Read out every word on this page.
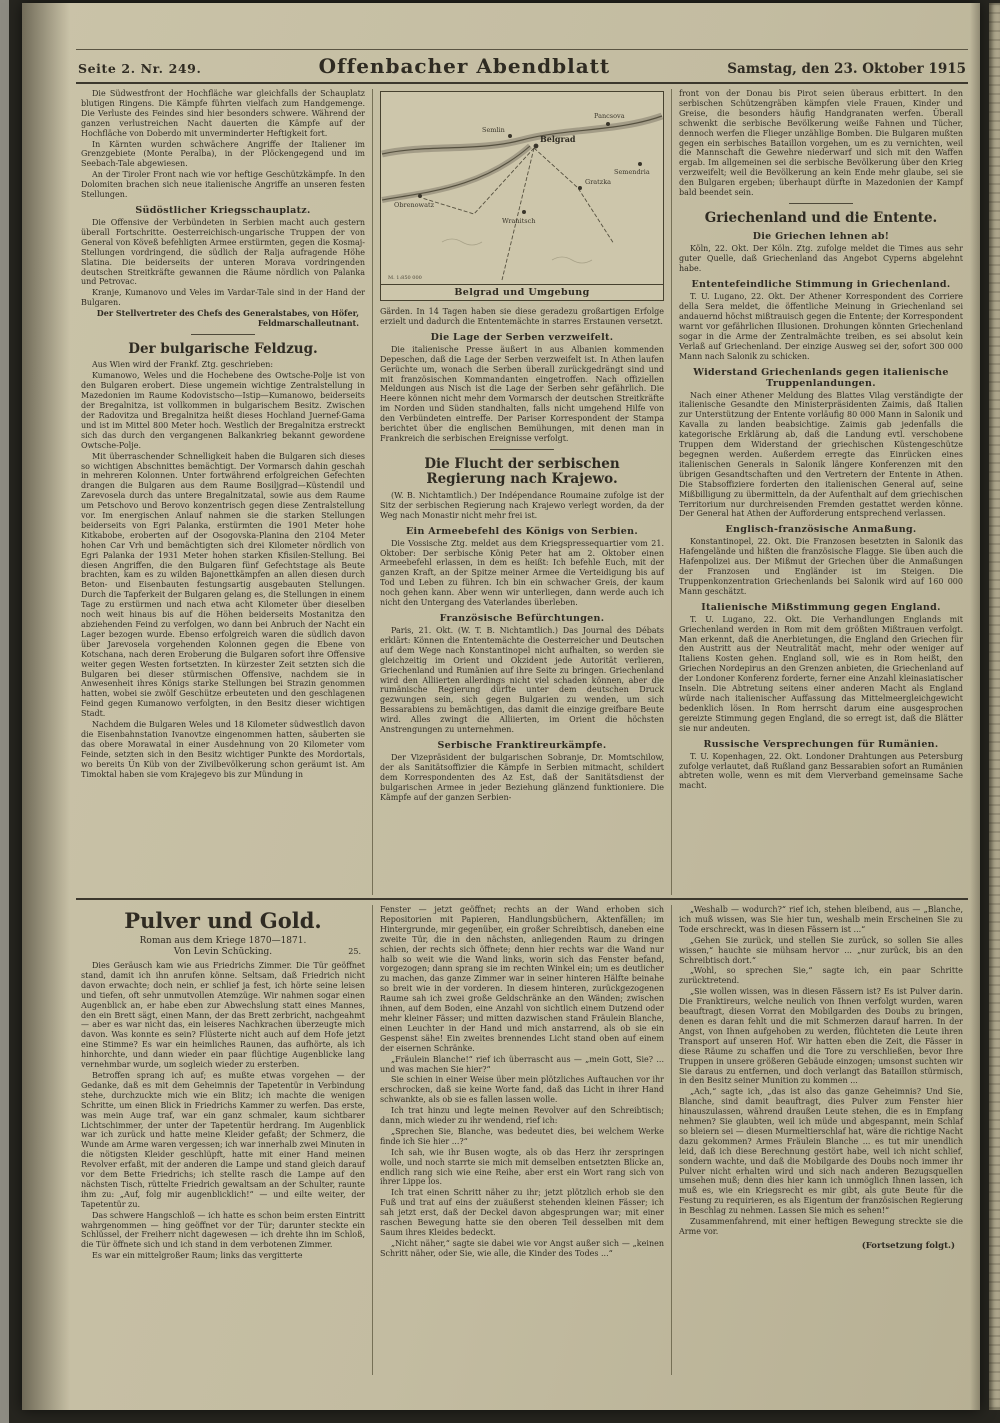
Seite 2. Nr. 249.	Offenbacher Abendblatt	Samstag, den 23. Oktober 1915

Die Südwestfront der Hochfläche war gleichfalls der Schauplatz blutigen Ringens. Die Kämpfe führten vielfach zum Handgemenge. Die Verluste des Feindes sind hier besonders schwere. Während der ganzen verlustreichen Nacht dauerten die Kämpfe auf der Hochfläche von Doberdo mit unverminderter Heftigkeit fort.

In Kärnten wurden schwächere Angriffe der Italiener im Grenzgebiete (Monte Peralba), in der Plöckengegend und im Seebach-Tale abgewiesen.

An der Tiroler Front nach wie vor heftige Geschützkämpfe. In den Dolomiten brachen sich neue italienische Angriffe an unseren festen Stellungen.

Südöstlicher Kriegsschauplatz.

Die Offensive der Verbündeten in Serbien macht auch gestern überall Fortschritte. Oesterreichisch-ungarische Truppen der von General von Köveß befehligten Armee erstürmten, gegen die Kosmaj-Stellungen vordringend, die südlich der Ralja aufragende Höhe Slatina. Die beiderseits der unteren Morava vordringenden deutschen Streitkräfte gewannen die Räume nördlich von Palanka und Petrovac.

Kranje, Kumanovo und Veles im Vardar-Tale sind in der Hand der Bulgaren.

Der Stellvertreter des Chefs des Generalstabes, von Höfer, Feldmarschalleutnant.

Der bulgarische Feldzug.

Aus Wien wird der Frankf. Ztg. geschrieben:

Kumanowo, Weles und die Hochebene des Owtsche-Polje ist von den Bulgaren erobert. Diese ungemein wichtige Zentralstellung in Mazedonien im Raume Kodovistscho—Istip—Kumanowo, beiderseits der Bregalnitza, ist vollkommen in bulgarischem Besitz. Zwischen der Radovitza und Bregalnitza heißt dieses Hochland Juernef-Gama und ist im Mittel 800 Meter hoch. Westlich der Bregalnitza erstreckt sich das durch den vergangenen Balkankrieg bekannt gewordene Owtsche-Polje.

Mit überraschender Schnelligkeit haben die Bulgaren sich dieses so wichtigen Abschnittes bemächtigt. Der Vormarsch dahin geschah in mehreren Kolonnen. Unter fortwährend erfolgreichen Gefechten drangen die Bulgaren aus dem Raume Bosiljgrad—Küstendil und Zarevosela durch das untere Bregalnitzatal, sowie aus dem Raume um Petschovo und Berovo konzentrisch gegen diese Zentralstellung vor. Im energischen Anlauf nahmen sie die starken Stellungen beiderseits von Egri Palanka, erstürmten die 1901 Meter hohe Kitkabobe, eroberten auf der Osogovska-Planina den 2104 Meter hohen Car Vrh und bemächtigten sich drei Kilometer nördlich von Egri Palanka der 1931 Meter hohen starken Kfisilen-Stellung. Bei diesen Angriffen, die den Bulgaren fünf Gefechtstage als Beute brachten, kam es zu wilden Bajonettkämpfen an allen diesen durch Beton- und Eisenbauten festungsartig ausgebauten Stellungen. Durch die Tapferkeit der Bulgaren gelang es, die Stellungen in einem Tage zu erstürmen und nach etwa acht Kilometer über dieselben noch weit hinaus bis auf die Höhen beiderseits Mostanitza den abziehenden Feind zu verfolgen, wo dann bei Anbruch der Nacht ein Lager bezogen wurde. Ebenso erfolgreich waren die südlich davon über Jarevosela vorgehenden Kolonnen gegen die Ebene von Kotschana, nach deren Eroberung die Bulgaren sofort ihre Offensive weiter gegen Westen fortsetzten. In kürzester Zeit setzten sich die Bulgaren bei dieser stürmischen Offensive, nachdem sie in Anwesenheit ihres Königs starke Stellungen bei Strazin genommen hatten, wobei sie zwölf Geschütze erbeuteten und den geschlagenen Feind gegen Kumanowo verfolgten, in den Besitz dieser wichtigen Stadt.

Nachdem die Bulgaren Weles und 18 Kilometer südwestlich davon die Eisenbahnstation Ivanovtze eingenommen hatten, säuberten sie das obere Morawatal in einer Ausdehnung von 20 Kilometer vom Feinde, setzten sich in den Besitz wichtiger Punkte des Mordortals, wo bereits Ün Küb von der Zivilbevölkerung schon geräumt ist. Am Timoktal haben sie vom Krajegevo bis zur Mündung in

Semlin
Belgrad
Pancsova
Obrenowatz
Wranitsch
Gratzka
Semendria
M. 1:850 000
Belgrad und Umgebung

Gärden. In 14 Tagen haben sie diese geradezu großartigen Erfolge erzielt und dadurch die Ententemächte in starres Erstaunen versetzt.

Die Lage der Serben verzweifelt.

Die italienische Presse äußert in aus Albanien kommenden Depeschen, daß die Lage der Serben verzweifelt ist. In Athen laufen Gerüchte um, wonach die Serben überall zurückgedrängt sind und mit französischen Kommandanten eingetroffen. Nach offiziellen Meldungen aus Nisch ist die Lage der Serben sehr gefährlich. Die Heere können nicht mehr dem Vormarsch der deutschen Streitkräfte im Norden und Süden standhalten, falls nicht umgehend Hilfe von den Verbündeten eintreffe. Der Pariser Korrespondent der Stampa berichtet über die englischen Bemühungen, mit denen man in Frankreich die serbischen Ereignisse verfolgt.

Die Flucht der serbischen Regierung nach Krajewo.

(W. B. Nichtamtlich.) Der Indépendance Roumaine zufolge ist der Sitz der serbischen Regierung nach Krajewo verlegt worden, da der Weg nach Monastir nicht mehr frei ist.

Ein Armeebefehl des Königs von Serbien.

Die Vossische Ztg. meldet aus dem Kriegspressequartier vom 21. Oktober: Der serbische König Peter hat am 2. Oktober einen Armeebefehl erlassen, in dem es heißt: Ich befehle Euch, mit der ganzen Kraft, an der Spitze meiner Armee die Verteidigung bis auf Tod und Leben zu führen. Ich bin ein schwacher Greis, der kaum noch gehen kann. Aber wenn wir unterliegen, dann werde auch ich nicht den Untergang des Vaterlandes überleben.

Französische Befürchtungen.

Paris, 21. Okt. (W. T. B. Nichtamtlich.) Das Journal des Débats erklärt: Können die Ententemächte die Oesterreicher und Deutschen auf dem Wege nach Konstantinopel nicht aufhalten, so werden sie gleichzeitig im Orient und Okzident jede Autorität verlieren, Griechenland und Rumänien auf ihre Seite zu bringen. Griechenland wird den Alliierten allerdings nicht viel schaden können, aber die rumänische Regierung dürfte unter dem deutschen Druck gezwungen sein, sich gegen Bulgarien zu wenden, um sich Bessarabiens zu bemächtigen, das damit die einzige greifbare Beute wird. Alles zwingt die Alliierten, im Orient die höchsten Anstrengungen zu unternehmen.

Serbische Franktireurkämpfe.

Der Vizepräsident der bulgarischen Sobranje, Dr. Momtschilow, der als Sanitätsoffizier die Kämpfe in Serbien mitmacht, schildert dem Korrespondenten des Az Est, daß der Sanitätsdienst der bulgarischen Armee in jeder Beziehung glänzend funktioniere. Die Kämpfe auf der ganzen Serbien-

front von der Donau bis Pirot seien überaus erbittert. In den serbischen Schützengräben kämpfen viele Frauen, Kinder und Greise, die besonders häufig Handgranaten werfen. Überall schwenkt die serbische Bevölkerung weiße Fahnen und Tücher, dennoch werfen die Flieger unzählige Bomben. Die Bulgaren mußten gegen ein serbisches Bataillon vorgehen, um es zu vernichten, weil die Mannschaft die Gewehre niederwarf und sich mit den Waffen ergab. Im allgemeinen sei die serbische Bevölkerung über den Krieg verzweifelt; weil die Bevölkerung an kein Ende mehr glaube, sei sie den Bulgaren ergeben; überhaupt dürfte in Mazedonien der Kampf bald beendet sein.

Griechenland und die Entente.
Die Griechen lehnen ab!

Köln, 22. Okt. Der Köln. Ztg. zufolge meldet die Times aus sehr guter Quelle, daß Griechenland das Angebot Cyperns abgelehnt habe.

Ententefeindliche Stimmung in Griechenland.

T. U. Lugano, 22. Okt. Der Athener Korrespondent des Corriere della Sera meldet, die öffentliche Meinung in Griechenland sei andauernd höchst mißtrauisch gegen die Entente; der Korrespondent warnt vor gefährlichen Illusionen. Drohungen könnten Griechenland sogar in die Arme der Zentralmächte treiben, es sei absolut kein Verlaß auf Griechenland. Der einzige Ausweg sei der, sofort 300 000 Mann nach Salonik zu schicken.

Widerstand Griechenlands gegen italienische Truppenlandungen.

Nach einer Athener Meldung des Blattes Vilag verständigte der italienische Gesandte den Ministerpräsidenten Zaimis, daß Italien zur Unterstützung der Entente vorläufig 80 000 Mann in Salonik und Kavalla zu landen beabsichtige. Zaimis gab jedenfalls die kategorische Erklärung ab, daß die Landung evtl. verschobene Truppen dem Widerstand der griechischen Küstengeschütze begegnen werden. Außerdem erregte das Einrücken eines italienischen Generals in Salonik längere Konferenzen mit den übrigen Gesandtschaften und den Vertretern der Entente in Athen. Die Stabsoffiziere forderten den italienischen General auf, seine Mißbilligung zu übermitteln, da der Aufenthalt auf dem griechischen Territorium nur durchreisenden Fremden gestattet werden könne. Der General hat Athen der Aufforderung entsprechend verlassen.

Englisch-französische Anmaßung.

Konstantinopel, 22. Okt. Die Franzosen besetzten in Salonik das Hafengelände und hißten die französische Flagge. Sie üben auch die Hafenpolizei aus. Der Mißmut der Griechen über die Anmaßungen der Franzosen und Engländer ist im Steigen. Die Truppenkonzentration Griechenlands bei Salonik wird auf 160 000 Mann geschätzt.

Italienische Mißstimmung gegen England.

T. U. Lugano, 22. Okt. Die Verhandlungen Englands mit Griechenland werden in Rom mit dem größten Mißtrauen verfolgt. Man erkennt, daß die Anerbietungen, die England den Griechen für den Austritt aus der Neutralität macht, mehr oder weniger auf Italiens Kosten gehen. England soll, wie es in Rom heißt, den Griechen Nordepirus an den Grenzen anbieten, die Griechenland auf der Londoner Konferenz forderte, ferner eine Anzahl kleinasiatischer Inseln. Die Abtretung seitens einer anderen Macht als England würde nach italienischer Auffassung das Mittelmeergleichgewicht bedenklich lösen. In Rom herrscht darum eine ausgesprochen gereizte Stimmung gegen England, die so erregt ist, daß die Blätter sie nur andeuten.

Russische Versprechungen für Rumänien.

T. U. Kopenhagen, 22. Okt. Londoner Drahtungen aus Petersburg zufolge verlautet, daß Rußland ganz Bessarabien sofort an Rumänien abtreten wolle, wenn es mit dem Vierverband gemeinsame Sache macht.

Pulver und Gold.
Roman aus dem Kriege 1870—1871.
Von Levin Schücking.	25.

Dies Geräusch kam wie aus Friedrichs Zimmer. Die Tür geöffnet stand, damit ich ihn anrufen könne. Seltsam, daß Friedrich nicht davon erwachte; doch nein, er schlief ja fest, ich hörte seine leisen und tiefen, oft sehr unmutvollen Atemzüge. Wir nahmen sogar einen Augenblick an, er habe eben zur Abwechslung statt eines Mannes, den ein Brett sägt, einen Mann, der das Brett zerbricht, nachgeahmt — aber es war nicht das, ein leiseres Nachkrachen überzeugte mich davon. Was konnte es sein? Flüsterte nicht auch auf dem Hofe jetzt eine Stimme? Es war ein heimliches Raunen, das aufhörte, als ich hinhorchte, und dann wieder ein paar flüchtige Augenblicke lang vernehmbar wurde, um sogleich wieder zu ersterben.

Betroffen sprang ich auf; es mußte etwas vorgehen — der Gedanke, daß es mit dem Geheimnis der Tapetentür in Verbindung stehe, durchzuckte mich wie ein Blitz; ich machte die wenigen Schritte, um einen Blick in Friedrichs Kammer zu werfen. Das erste, was mein Auge traf, war ein ganz schmaler, kaum sichtbarer Lichtschimmer, der unter der Tapetentür herdrang. Im Augenblick war ich zurück und hatte meine Kleider gefaßt; der Schmerz, die Wunde am Arme waren vergessen; ich war innerhalb zwei Minuten in die nötigsten Kleider geschlüpft, hatte mit einer Hand meinen Revolver erfaßt, mit der anderen die Lampe und stand gleich darauf vor dem Bette Friedrichs; ich stellte rasch die Lampe auf den nächsten Tisch, rüttelte Friedrich gewaltsam an der Schulter, raunte ihm zu: „Auf, folg mir augenblicklich!“ — und eilte weiter, der Tapetentür zu.

Das schwere Hangschloß — ich hatte es schon beim ersten Eintritt wahrgenommen — hing geöffnet vor der Tür; darunter steckte ein Schlüssel, der Freiherr nicht dagewesen — ich drehte ihn im Schloß, die Tür öffnete sich und ich stand in dem verbotenen Zimmer.

Es war ein mittelgroßer Raum; links das vergitterte

Fenster — jetzt geöffnet; rechts an der Wand erhoben sich Repositorien mit Papieren, Handlungsbüchern, Aktenfällen; im Hintergrunde, mir gegenüber, ein großer Schreibtisch, daneben eine zweite Tür, die in den nächsten, anliegenden Raum zu dringen schien, der rechts sich öffnete; denn hier rechts war die Wand nur halb so weit wie die Wand links, worin sich das Fenster befand, vorgezogen; dann sprang sie im rechten Winkel ein; um es deutlicher zu machen, das ganze Zimmer war in seiner hinteren Hälfte beinahe so breit wie in der vorderen. In diesem hinteren, zurückgezogenen Raume sah ich zwei große Geldschränke an den Wänden; zwischen ihnen, auf dem Boden, eine Anzahl von sichtlich einem Dutzend oder mehr kleiner Fässer; und mitten dazwischen stand Fräulein Blanche, einen Leuchter in der Hand und mich anstarrend, als ob sie ein Gespenst sähe! Ein zweites brennendes Licht stand oben auf einem der eisernen Schränke.

„Fräulein Blanche!“ rief ich überrascht aus — „mein Gott, Sie? ... und was machen Sie hier?“

Sie schien in einer Weise über mein plötzliches Auftauchen vor ihr erschrocken, daß sie keine Worte fand, daß das Licht in ihrer Hand schwankte, als ob sie es fallen lassen wolle.

Ich trat hinzu und legte meinen Revolver auf den Schreibtisch; dann, mich wieder zu ihr wendend, rief ich:

„Sprechen Sie, Blanche, was bedeutet dies, bei welchem Werke finde ich Sie hier ...?“

Ich sah, wie ihr Busen wogte, als ob das Herz ihr zerspringen wolle, und noch starrte sie mich mit demselben entsetzten Blicke an, endlich rang sich wie eine Reihe, aber erst ein Wort rang sich von ihrer Lippe los.

Ich trat einen Schritt näher zu ihr; jetzt plötzlich erhob sie den Fuß und trat auf eins der zuäußerst stehenden kleinen Fässer; ich sah jetzt erst, daß der Deckel davon abgesprungen war; mit einer raschen Bewegung hatte sie den oberen Teil desselben mit dem Saum ihres Kleides bedeckt.

„Nicht näher,“ sagte sie dabei wie vor Angst außer sich — „keinen Schritt näher, oder Sie, wie alle, die Kinder des Todes ...“

„Weshalb — wodurch?“ rief ich, stehen bleibend, aus — „Blanche, ich muß wissen, was Sie hier tun, weshalb mein Erscheinen Sie zu Tode erschreckt, was in diesen Fässern ist ...“

„Gehen Sie zurück, und stellen Sie zurück, so sollen Sie alles wissen,“ hauchte sie mühsam hervor ... „nur zurück, bis an den Schreibtisch dort.“

„Wohl, so sprechen Sie,“ sagte ich, ein paar Schritte zurücktretend.

„Sie wollen wissen, was in diesen Fässern ist? Es ist Pulver darin. Die Franktireurs, welche neulich von Ihnen verfolgt wurden, waren beauftragt, diesen Vorrat den Mobilgarden des Doubs zu bringen, denen es daran fehlt und die mit Schmerzen darauf harren. In der Angst, von Ihnen aufgehoben zu werden, flüchteten die Leute ihren Transport auf unseren Hof. Wir hatten eben die Zeit, die Fässer in diese Räume zu schaffen und die Tore zu verschließen, bevor Ihre Truppen in unsere größeren Gebäude einzogen; umsonst suchten wir Sie daraus zu entfernen, und doch verlangt das Bataillon stürmisch, in den Besitz seiner Munition zu kommen ...

„Ach,“ sagte ich, „das ist also das ganze Geheimnis? Und Sie, Blanche, sind damit beauftragt, dies Pulver zum Fenster hier hinauszulassen, während draußen Leute stehen, die es in Empfang nehmen? Sie glaubten, weil ich müde und abgespannt, mein Schlaf so bleiern sei — diesen Murmeltierschlaf hat, wäre die richtige Nacht dazu gekommen? Armes Fräulein Blanche ... es tut mir unendlich leid, daß ich diese Berechnung gestört habe, weil ich nicht schlief, sondern wachte, und daß die Mobilgarde des Doubs noch immer ihr Pulver nicht erhalten wird und sich nach anderen Bezugsquellen umsehen muß; denn dies hier kann ich unmöglich Ihnen lassen, ich muß es, wie ein Kriegsrecht es mir gibt, als gute Beute für die Festung zu requirieren, es als Eigentum der französischen Regierung in Beschlag zu nehmen. Lassen Sie mich es sehen!“

Zusammenfahrend, mit einer heftigen Bewegung streckte sie die Arme vor.

(Fortsetzung folgt.)
